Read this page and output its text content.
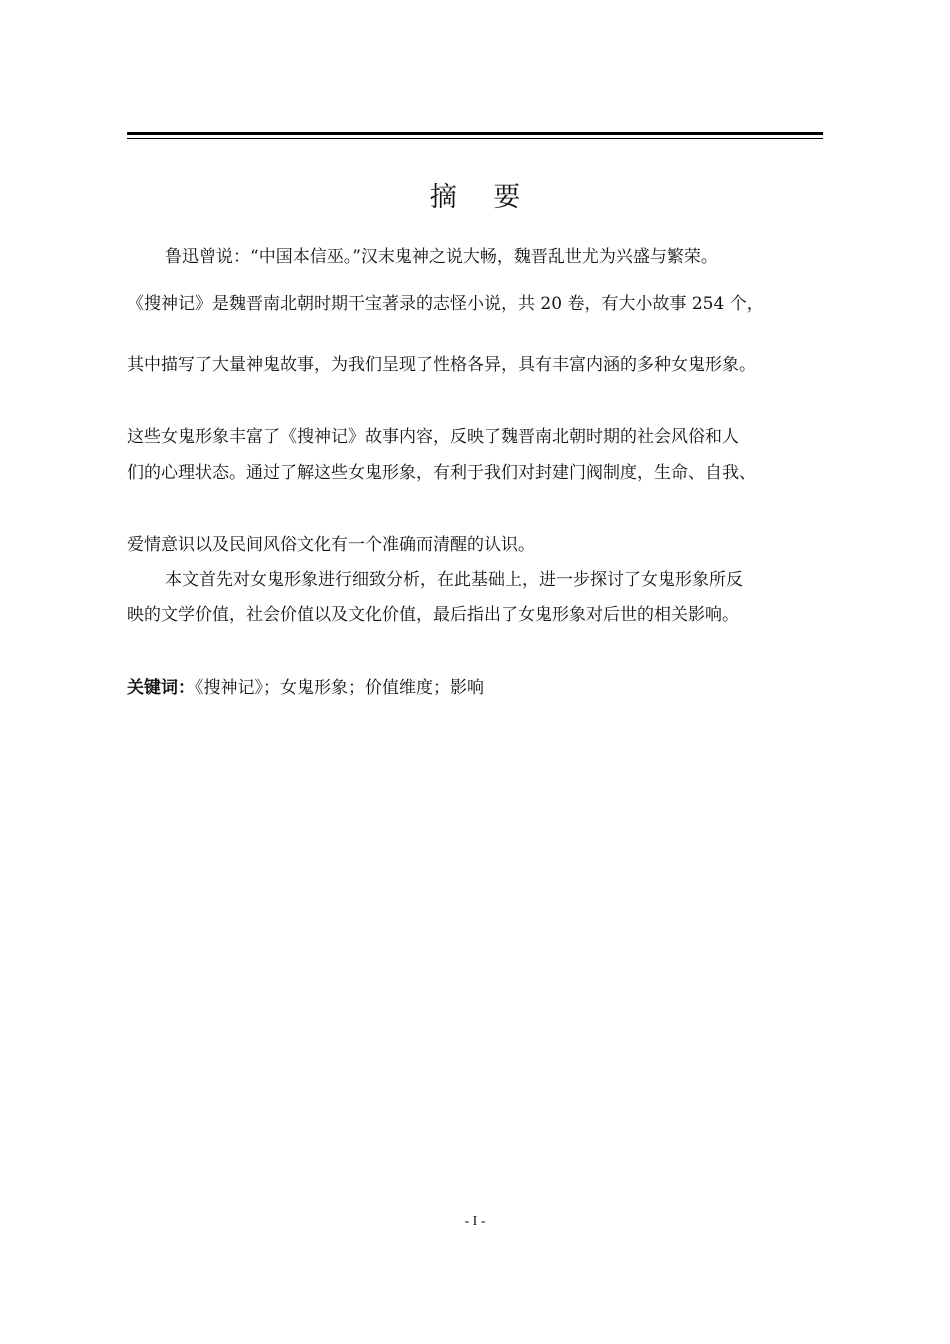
摘 要
鲁迅曾说：“中国本信巫。”汉末鬼神之说大畅，魏晋乱世尤为兴盛与繁荣。
《搜神记》是魏晋南北朝时期干宝著录的志怪小说，共 20 卷，有大小故事 254 个，
其中描写了大量神鬼故事，为我们呈现了性格各异，具有丰富内涵的多种女鬼形象。
这些女鬼形象丰富了《搜神记》故事内容，反映了魏晋南北朝时期的社会风俗和人
们的心理状态。通过了解这些女鬼形象，有利于我们对封建门阀制度，生命、自我、
爱情意识以及民间风俗文化有一个准确而清醒的认识。
本文首先对女鬼形象进行细致分析，在此基础上，进一步探讨了女鬼形象所反
映的文学价值，社会价值以及文化价值，最后指出了女鬼形象对后世的相关影响。
关键词：《搜神记》；女鬼形象；价值维度；影响
- I -
